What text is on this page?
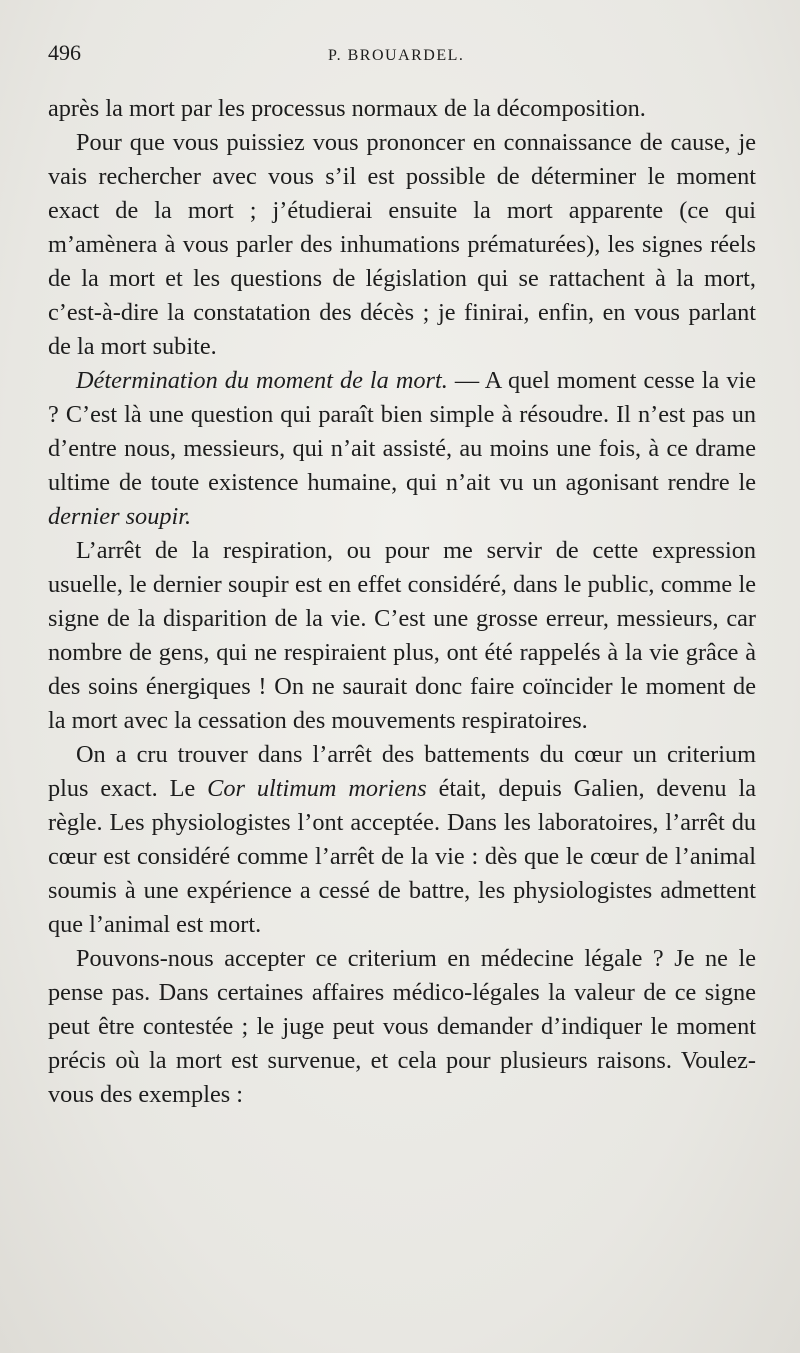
496	P. BROUARDEL.

après la mort par les processus normaux de la décomposition.

Pour que vous puissiez vous prononcer en connaissance de cause, je vais rechercher avec vous s’il est possible de déterminer le moment exact de la mort ; j’étudierai ensuite la mort apparente (ce qui m’amènera à vous parler des inhumations prématurées), les signes réels de la mort et les questions de législation qui se rattachent à la mort, c’est-à-dire la constatation des décès ; je finirai, enfin, en vous parlant de la mort subite.

Détermination du moment de la mort. — A quel moment cesse la vie ? C’est là une question qui paraît bien simple à résoudre. Il n’est pas un d’entre nous, messieurs, qui n’ait assisté, au moins une fois, à ce drame ultime de toute existence humaine, qui n’ait vu un agonisant rendre le dernier soupir.

L’arrêt de la respiration, ou pour me servir de cette expression usuelle, le dernier soupir est en effet considéré, dans le public, comme le signe de la disparition de la vie. C’est une grosse erreur, messieurs, car nombre de gens, qui ne respiraient plus, ont été rappelés à la vie grâce à des soins énergiques ! On ne saurait donc faire coïncider le moment de la mort avec la cessation des mouvements respiratoires.

On a cru trouver dans l’arrêt des battements du cœur un criterium plus exact. Le Cor ultimum moriens était, depuis Galien, devenu la règle. Les physiologistes l’ont acceptée. Dans les laboratoires, l’arrêt du cœur est considéré comme l’arrêt de la vie : dès que le cœur de l’animal soumis à une expérience a cessé de battre, les physiologistes admettent que l’animal est mort.

Pouvons-nous accepter ce criterium en médecine légale ? Je ne le pense pas. Dans certaines affaires médico-légales la valeur de ce signe peut être contestée ; le juge peut vous demander d’indiquer le moment précis où la mort est survenue, et cela pour plusieurs raisons. Voulez-vous des exemples :
